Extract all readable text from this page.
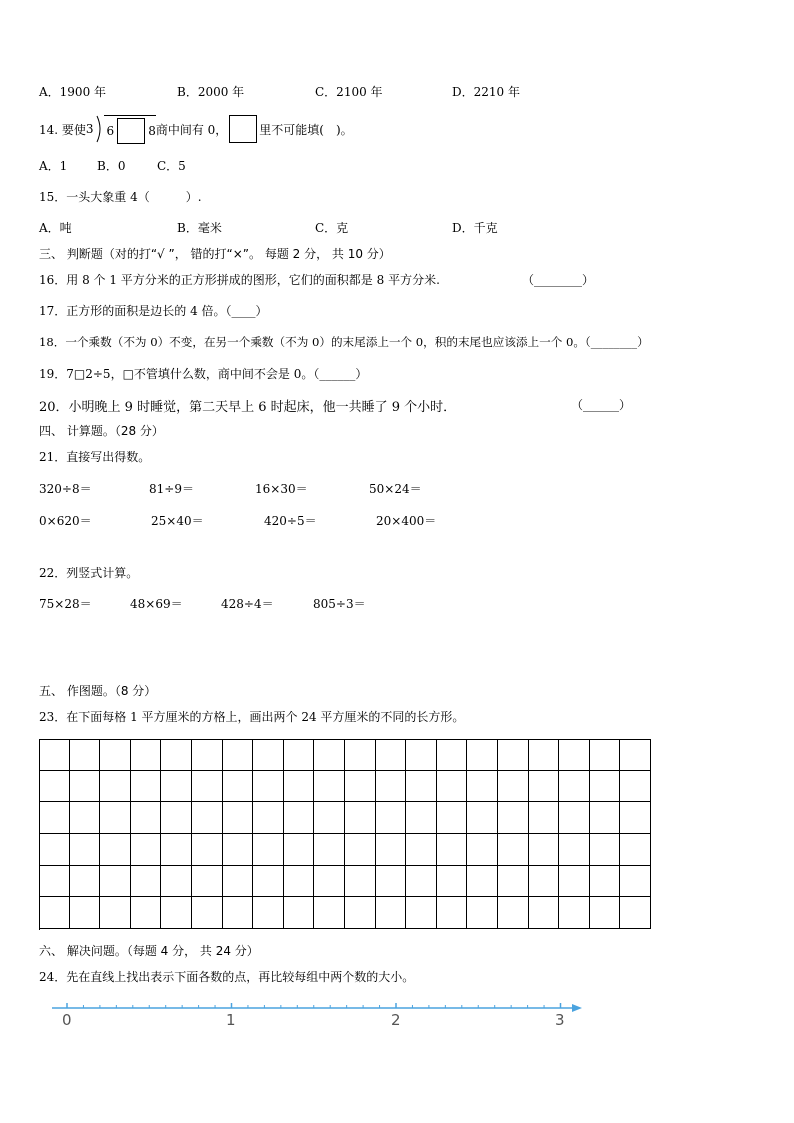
A．1900 年	B．2000 年	C．2100 年	D．2210 年
14. 要使 3 6	8 商中间有 0，	里不可能填(　)。
A．1 B．0	C．5
15．一头大象重 4（　　　）.
A．吨	B．毫米	C．克	D．千克
三、 判断题（对的打“√ ”， 错的打“×”。 每题 2 分， 共 10 分）
16．用 8 个 1 平方分米的正方形拼成的图形，它们的面积都是 8 平方分米.	（________）
17．正方形的面积是边长的 4 倍。（____）
18．一个乘数（不为 0）不变，在另一个乘数（不为 0）的末尾添上一个 0，积的末尾也应该添上一个 0。（________）
19．7□2÷5，□不管填什么数，商中间不会是 0。（______）
20．小明晚上 9 时睡觉，第二天早上 6 时起床，他一共睡了 9 个小时．	（______）
四、 计算题。（28 分）
21．直接写出得数。
320÷8＝	81÷9＝	16×30＝	50×24＝
0×620＝	25×40＝	420÷5＝	20×400＝
22．列竖式计算。
75×28＝	48×69＝	428÷4＝	805÷3＝
五、 作图题。（8 分）
23．在下面每格 1 平方厘米的方格上，画出两个 24 平方厘米的不同的长方形。
六、 解决问题。（每题 4 分， 共 24 分）
24．先在直线上找出表示下面各数的点，再比较每组中两个数的大小。
0	1	2	3
